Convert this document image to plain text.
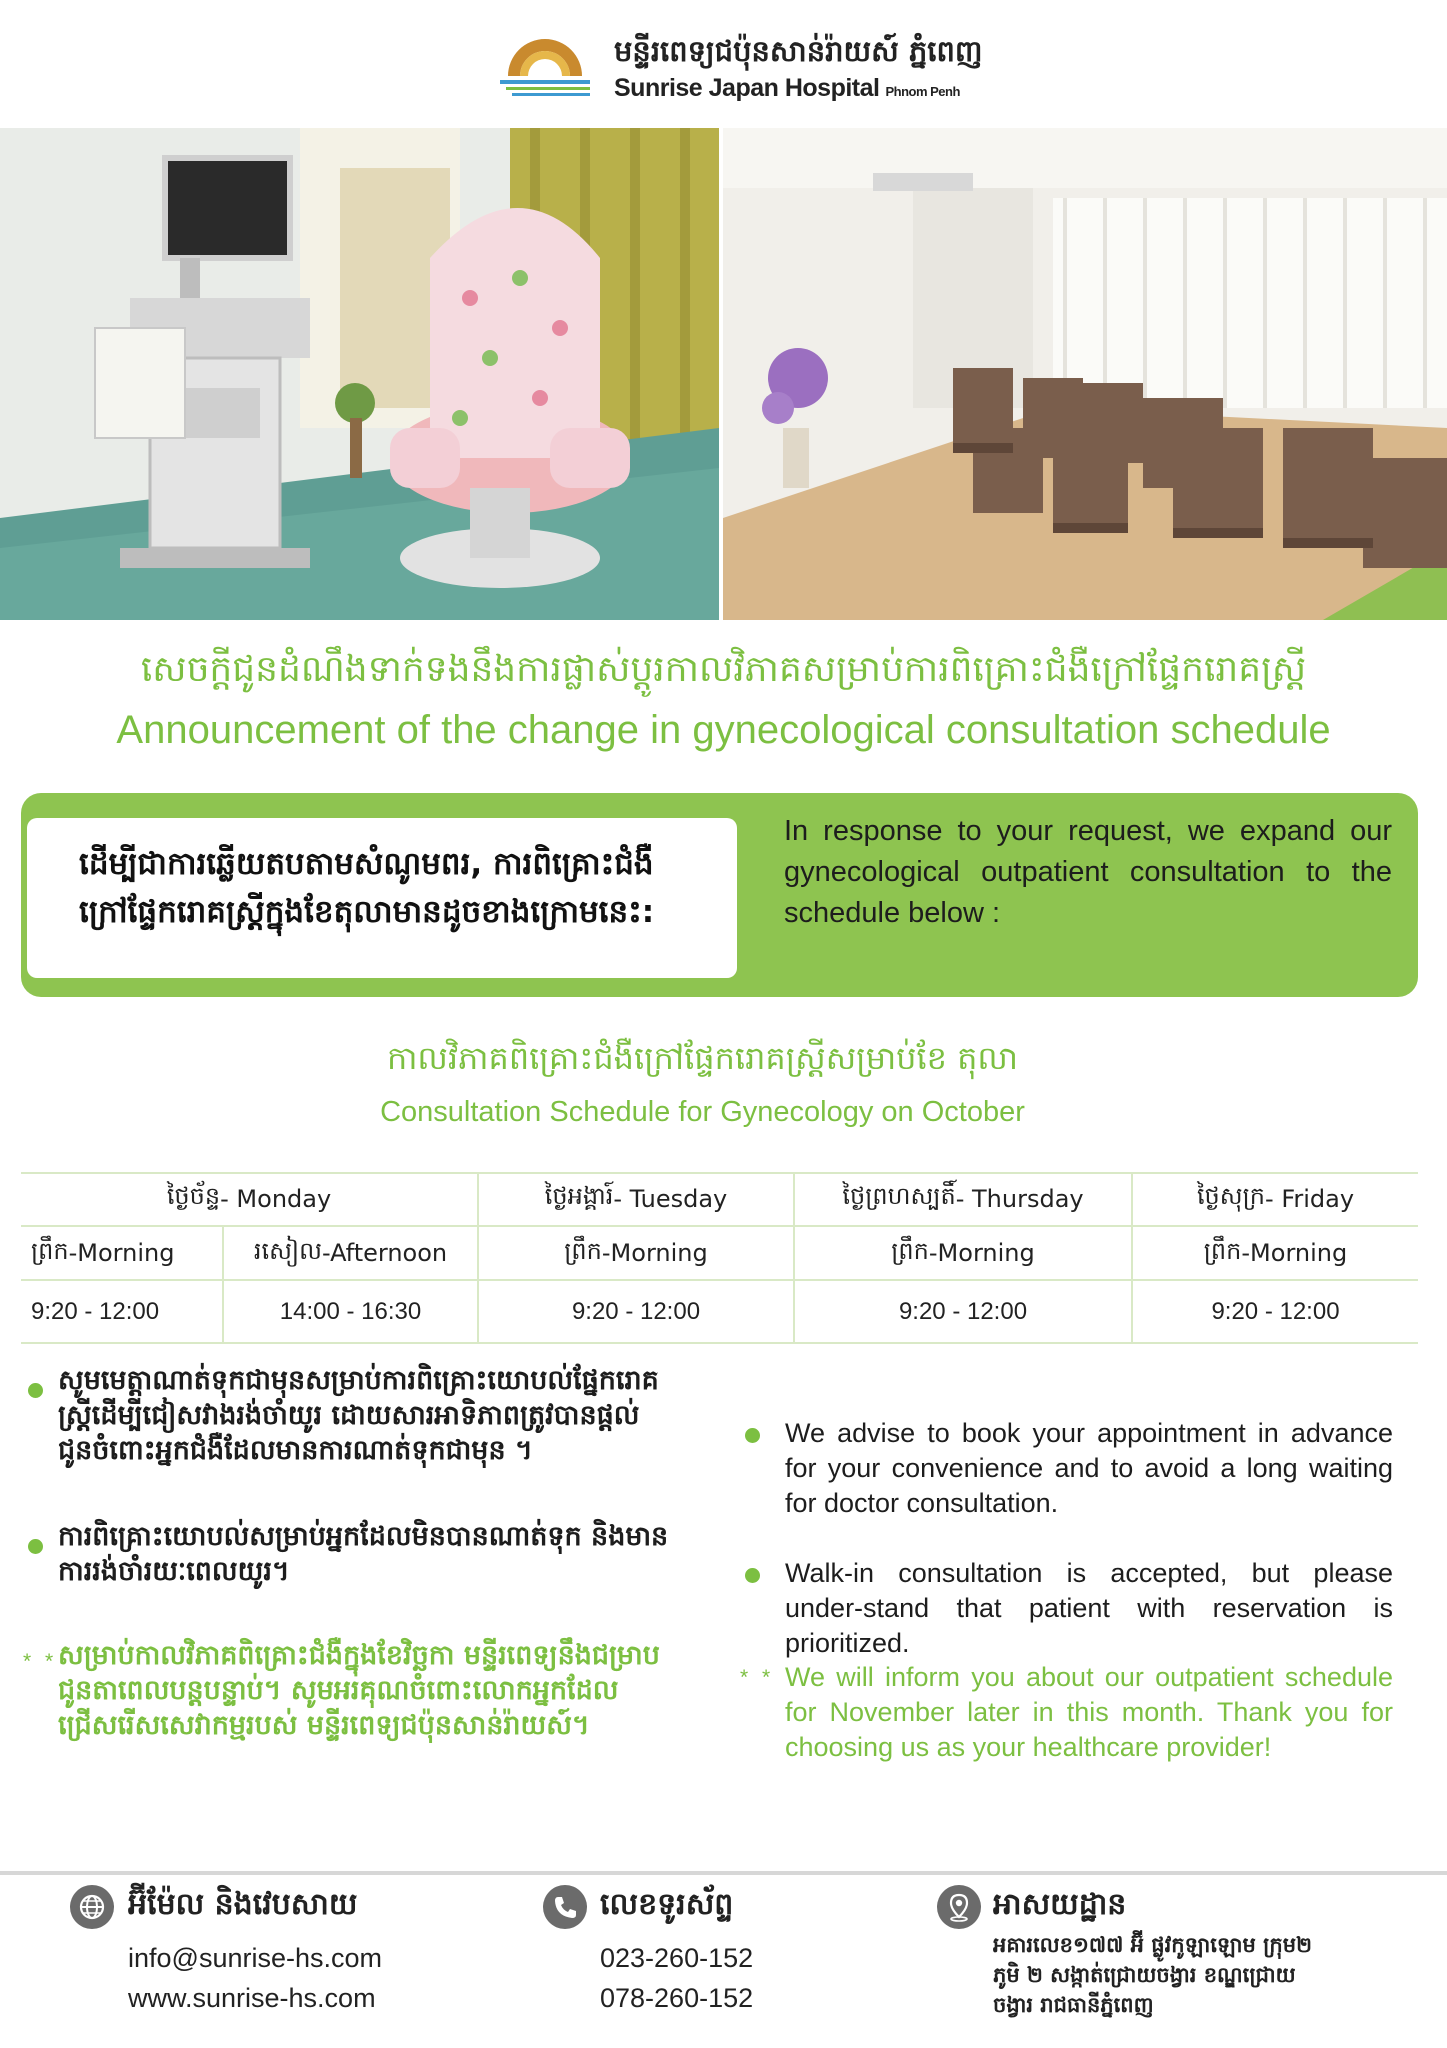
មន្ទីរពេទ្យជប៉ុនសាន់រ៉ាយស៍ ភ្នំពេញ
Sunrise Japan Hospital Phnom Penh
សេចក្តីជូនដំណឹងទាក់ទងនឹងការផ្លាស់ប្តូរកាលវិភាគសម្រាប់ការពិគ្រោះជំងឺក្រៅផ្ទែករោគស្ត្រី
Announcement of the change in gynecological consultation schedule
ដើម្បីជាការឆ្លើយតបតាមសំណូមពរ, ការពិគ្រោះជំងឺ
ក្រៅផ្ទែករោគស្ត្រីក្នុងខែតុលាមានដូចខាងក្រោមនេះ:
In response to your request, we expand our gynecological outpatient consultation to the schedule below :
កាលវិភាគពិគ្រោះជំងឺក្រៅផ្ទែករោគស្ត្រីសម្រាប់ខែ តុលា
Consultation Schedule for Gynecology on October
ថ្ងៃច័ន្ទ - Monday	ថ្ងៃអង្គារ៍ - Tuesday	ថ្ងៃព្រហស្បតិ៍ - Thursday	ថ្ងៃសុក្រ - Friday
ព្រឹក -Morning	រសៀល -Afternoon	ព្រឹក -Morning	ព្រឹក -Morning	ព្រឹក -Morning
9:20 - 12:00	14:00 - 16:30	9:20 - 12:00	9:20 - 12:00	9:20 - 12:00
សូមមេត្តាណាត់ទុកជាមុនសម្រាប់ការពិគ្រោះយោបល់ផ្នែករោគ
ស្ត្រីដើម្បីជៀសវាងរង់ចាំយូរ ដោយសារអាទិភាពត្រូវបានផ្តល់
ជូនចំពោះអ្នកជំងឺដែលមានការណាត់ទុកជាមុន ។
ការពិគ្រោះយោបល់សម្រាប់អ្នកដែលមិនបានណាត់ទុក និងមាន
ការរង់ចាំរយៈពេលយូរ។
* * សម្រាប់កាលវិភាគពិគ្រោះជំងឺក្នុងខែវិច្ឆកា មន្ទីរពេទ្យនឹងជម្រាប
ជូនតាពេលបន្តបន្ទាប់។ សូមអរគុណចំពោះលោកអ្នកដែល
ជ្រើសរើសសេវាកម្មរបស់ មន្ទីរពេទ្យជប៉ុនសាន់រ៉ាយស៍។
We advise to book your appointment in advance for your convenience and to avoid a long waiting for doctor consultation.
Walk-in consultation is accepted, but please under-stand that patient with reservation is prioritized.
* * We will inform you about our outpatient schedule for November later in this month. Thank you for choosing us as your healthcare provider!
អ៊ីម៉ែល និងវេបសាយ
info@sunrise-hs.com
www.sunrise-hs.com
លេខទូរស័ព្ទ
023-260-152
078-260-152
អាសយដ្ឋាន
អគារលេខ១៧៧ អ៊ី ផ្លូវកូឡាឡោម ក្រុម២
ភូមិ ២ សង្កាត់ជ្រោយចង្វារ ខណ្ឌជ្រោយ
ចង្វារ រាជធានីភ្នំពេញ
